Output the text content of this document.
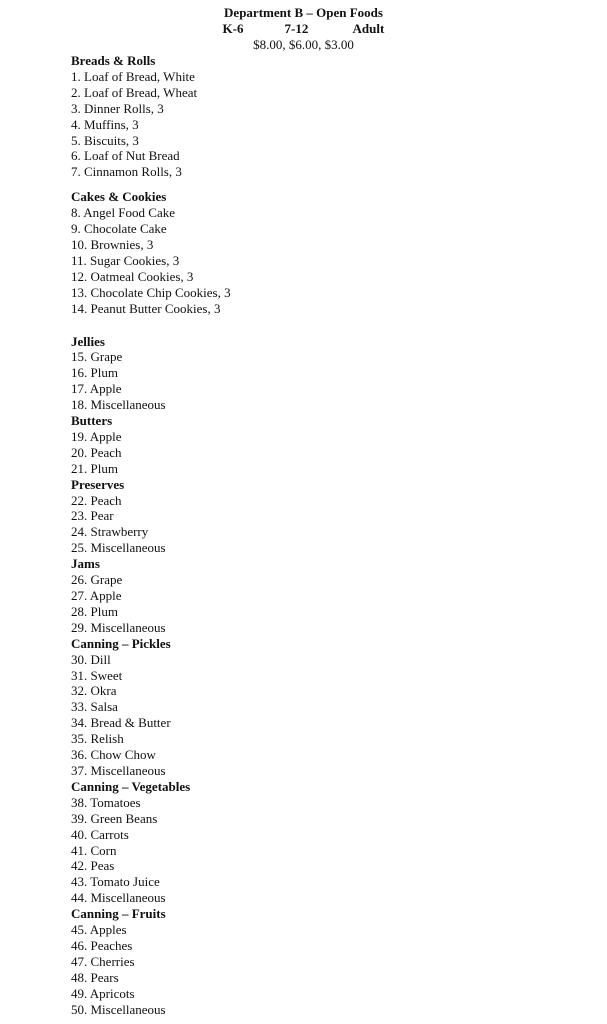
Department B – Open Foods
K-6	7-12	Adult
$8.00, $6.00, $3.00
Breads & Rolls
1. Loaf of Bread, White
2. Loaf of Bread, Wheat
3. Dinner Rolls, 3
4. Muffins, 3
5. Biscuits, 3
6. Loaf of Nut Bread
7. Cinnamon Rolls, 3
Cakes & Cookies
8. Angel Food Cake
9. Chocolate Cake
10. Brownies, 3
11. Sugar Cookies, 3
12. Oatmeal Cookies, 3
13. Chocolate Chip Cookies, 3
14. Peanut Butter Cookies, 3
Jellies
15. Grape
16. Plum
17. Apple
18. Miscellaneous
Butters
19. Apple
20. Peach
21. Plum
Preserves
22. Peach
23. Pear
24. Strawberry
25. Miscellaneous
Jams
26. Grape
27. Apple
28. Plum
29. Miscellaneous
Canning – Pickles
30. Dill
31. Sweet
32. Okra
33. Salsa
34. Bread & Butter
35. Relish
36. Chow Chow
37. Miscellaneous
Canning – Vegetables
38. Tomatoes
39. Green Beans
40. Carrots
41. Corn
42. Peas
43. Tomato Juice
44. Miscellaneous
Canning – Fruits
45. Apples
46. Peaches
47. Cherries
48. Pears
49. Apricots
50. Miscellaneous
